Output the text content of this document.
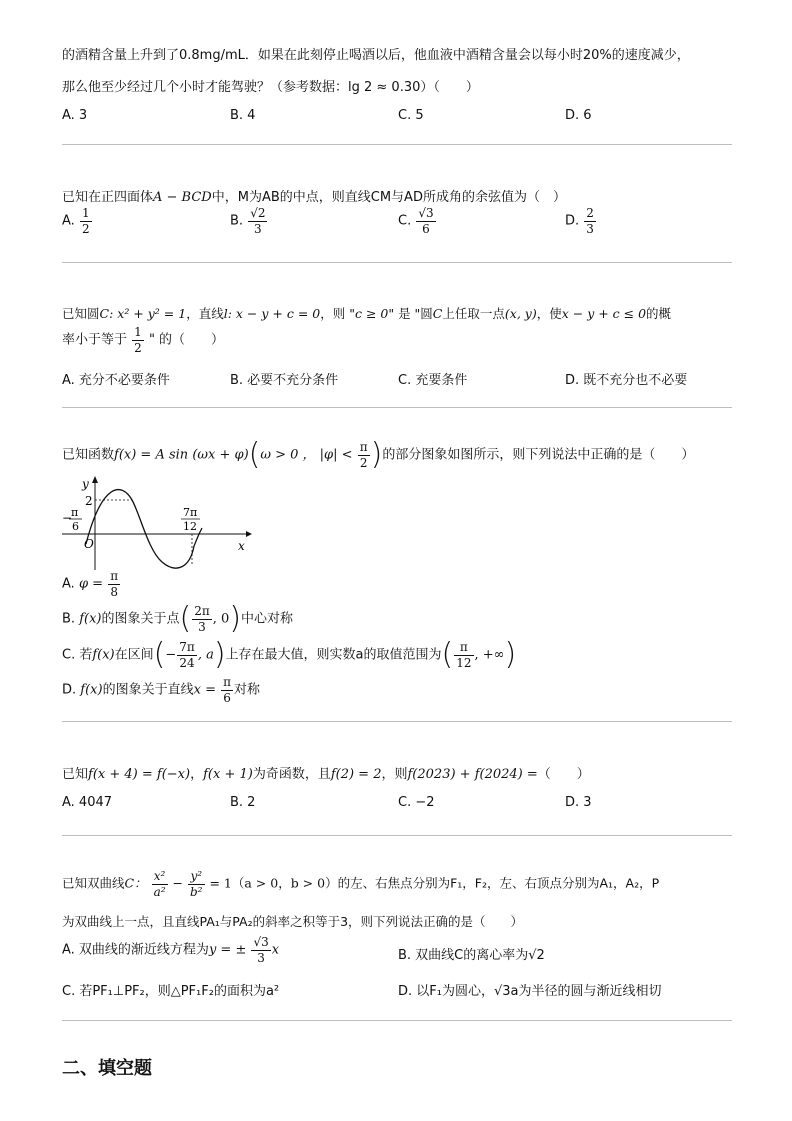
的酒精含量上升到了0.8mg/mL．如果在此刻停止喝酒以后，他血液中酒精含量会以每小时20%的速度减少，
那么他至少经过几个小时才能驾驶？（参考数据：lg 2 ≈ 0.30）（　　）
A. 3	B. 4	C. 5	D. 6
已知在正四面体A − BCD中，M为AB的中点，则直线CM与AD所成角的余弦值为（　）
A. $\frac{1}{2}$	B. $\frac{√2}{3}$	C. $\frac{√3}{6}$	D. $\frac{2}{3}$
已知圆C: x² + y² = 1，直线l: x − y + c = 0，则 "c ≥ 0" 是 "圆C上任取一点(x, y)，使x − y + c ≤ 0的概
率小于等于 $\frac{1}{2}$ " 的（　　）
A. 充分不必要条件	B. 必要不充分条件	C. 充要条件	D. 既不充分也不必要
已知函数f(x) = A sin (ωx + φ)(ω > 0 ， $|\varphi| < \frac{\pi}{2}$ )的部分图象如图所示，则下列说法中正确的是（　　）
y
x
O
2
−
π
6
7π
12
A. $\varphi = \frac{\pi}{8}$
B. f(x)的图象关于点( $\frac{2\pi}{3}$ , 0)中心对称
C. 若f(x)在区间(− $\frac{7\pi}{24}$ , a)上存在最大值，则实数a的取值范围为( $\frac{\pi}{12}$ , +∞)
D. f(x)的图象关于直线$x = \frac{\pi}{6}$ 对称
已知f(x + 4) = f(−x)，f(x + 1)为奇函数，且f(2) = 2，则f(2023) + f(2024) =（　　）
A. 4047	B. 2	C. −2	D. 3
已知双曲线C： $\frac{\text{x²}}{\text{a²}} - \frac{\text{y²}}{\text{b²}} = 1(a > 0$，b > 0）的左、右焦点分别为F₁，F₂，左、右顶点分别为A₁，A₂，P
为双曲线上一点，且直线PA₁与PA₂的斜率之积等于3，则下列说法正确的是（　　）
A. 双曲线的渐近线方程为y = ± $\frac{√3}{3}$ x	B. 双曲线C的离心率为√2
C. 若PF₁⊥PF₂，则△PF₁F₂的面积为a²	D. 以F₁为圆心，√3a为半径的圆与渐近线相切
二、填空题
